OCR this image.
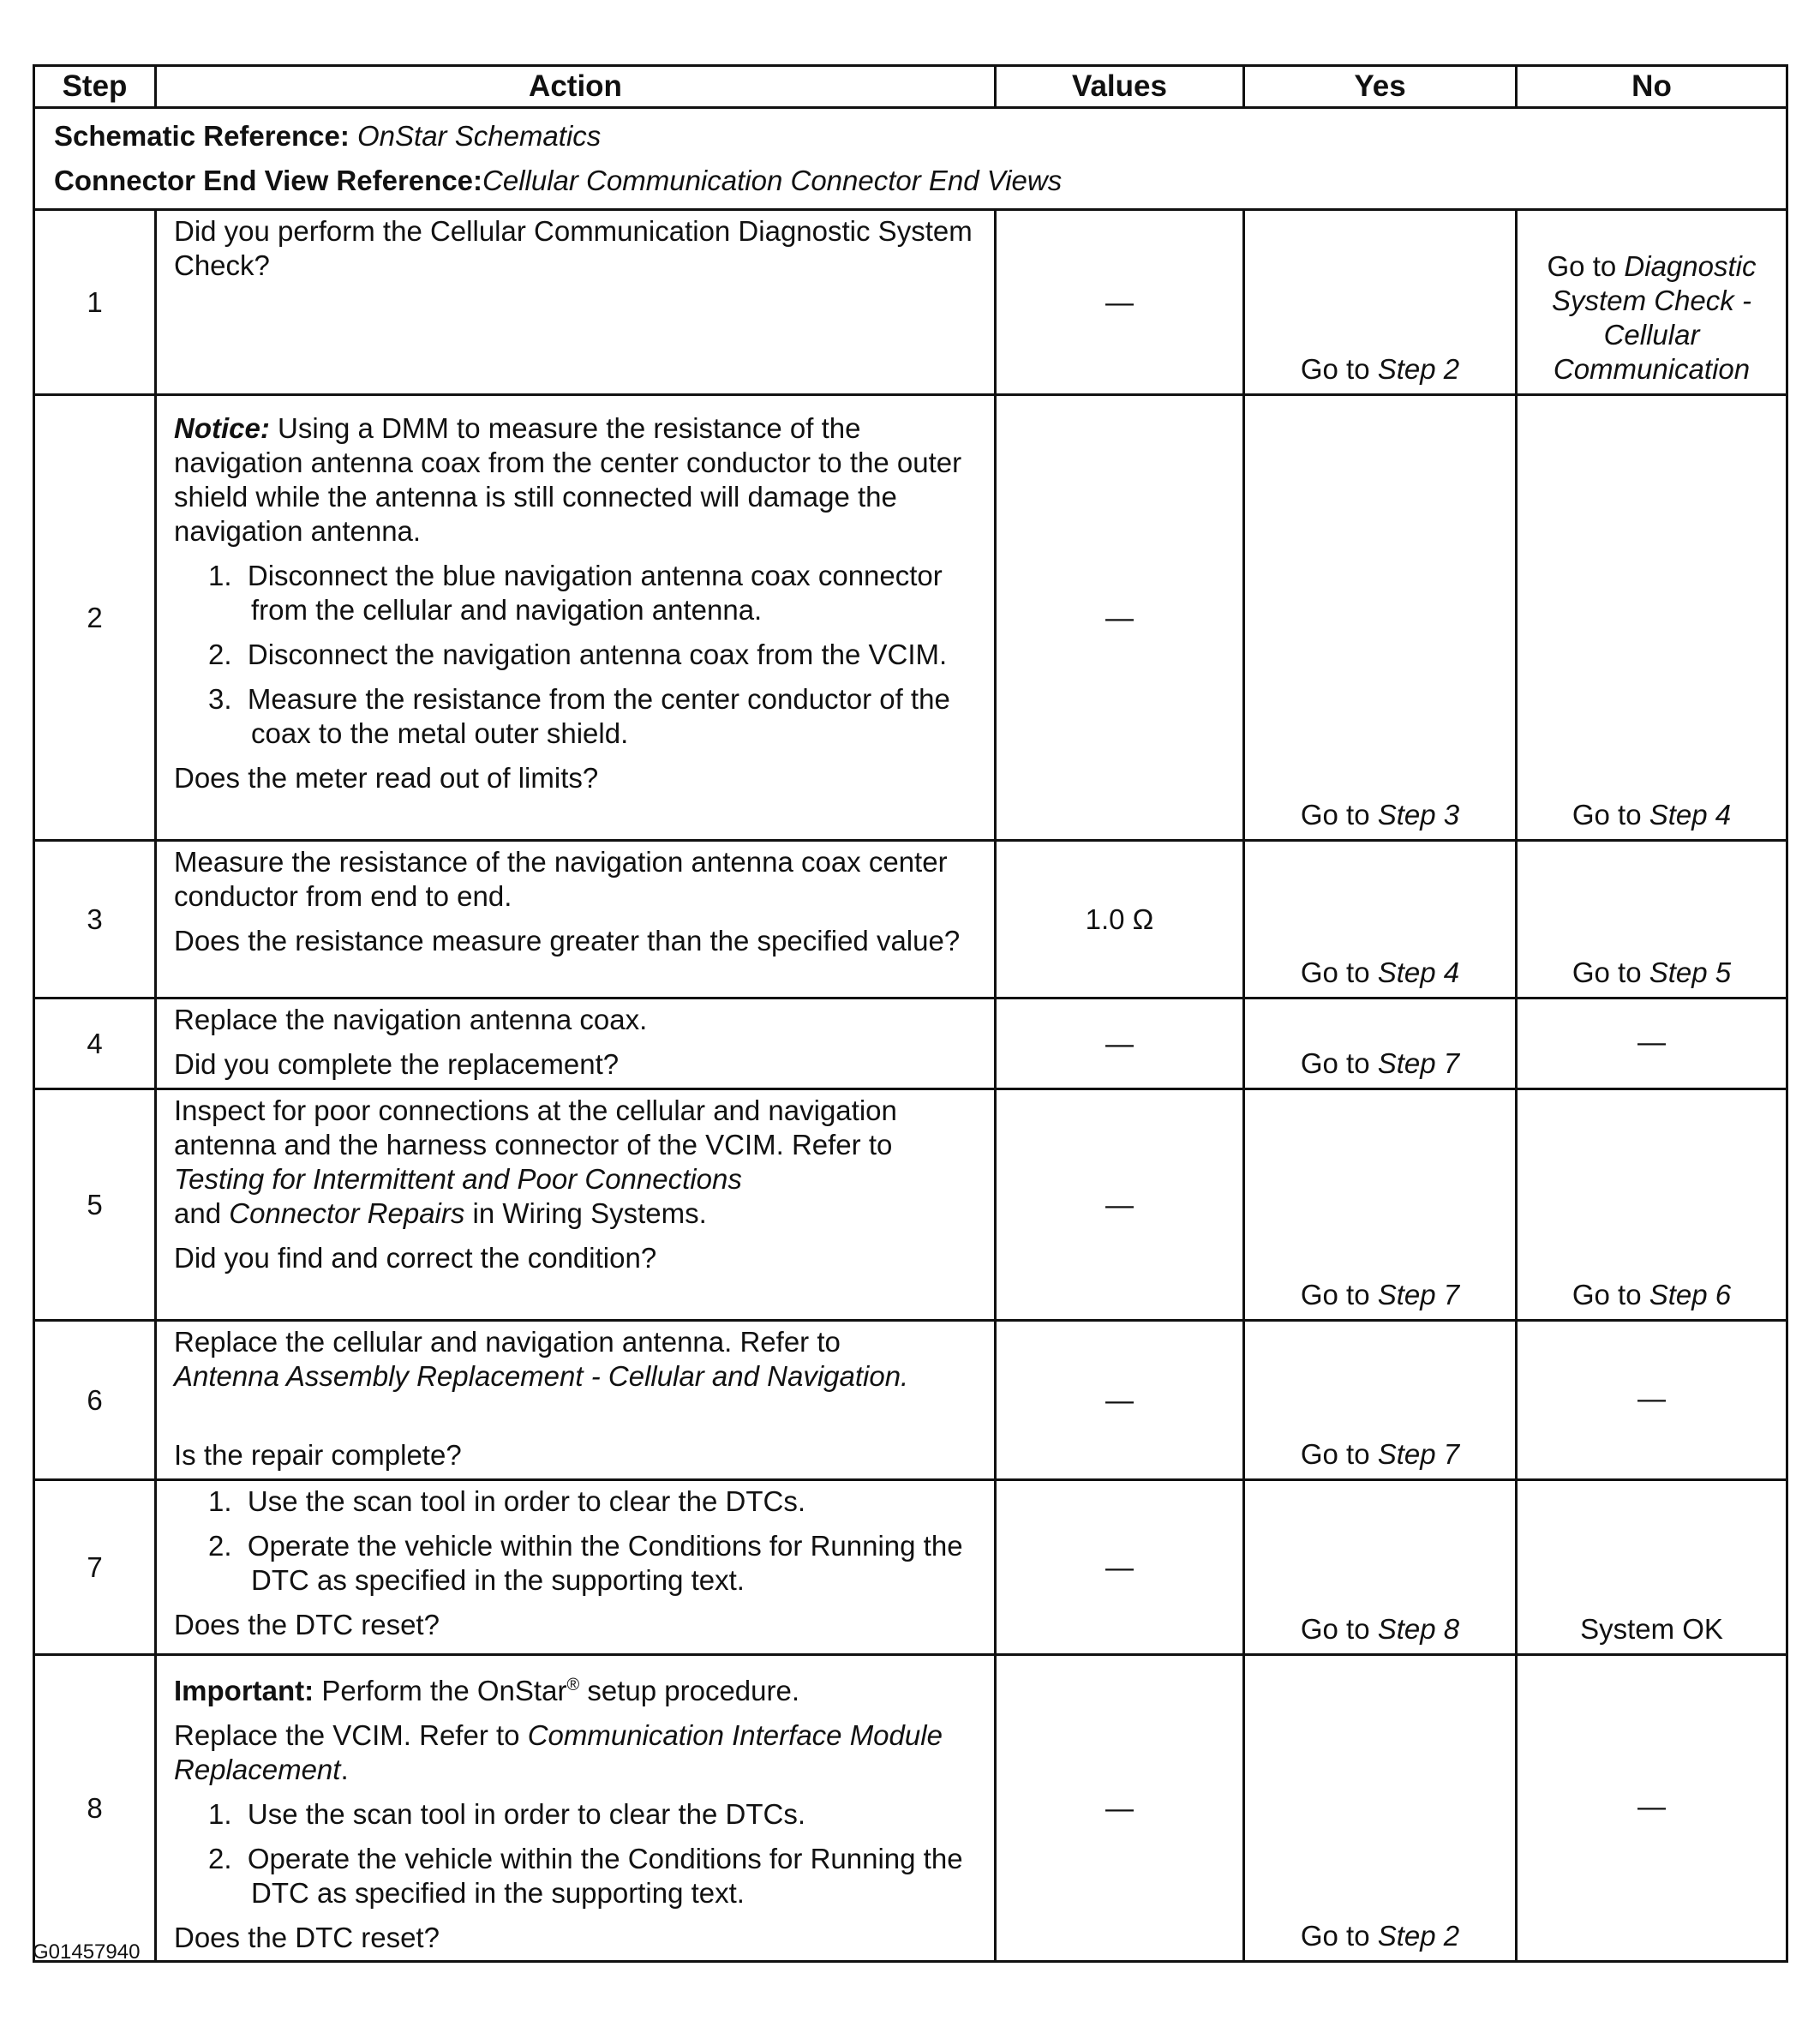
Step	Action	Values	Yes	No

Schematic Reference: OnStar Schematics
Connector End View Reference:Cellular Communication Connector End Views				

1	Did you perform the Cellular Communication Diagnostic System Check?	—	Go to Step 2	Go to Diagnostic System Check - Cellular Communication
2	Notice: Using a DMM to measure the resistance of the navigation antenna coax from the center conductor to the outer shield while the antenna is still connected will damage the navigation antenna.
1. Disconnect the blue navigation antenna coax connector from the cellular and navigation antenna.
2. Disconnect the navigation antenna coax from the VCIM.
3. Measure the resistance from the center conductor of the coax to the metal outer shield.
Does the meter read out of limits?	—	Go to Step 3	Go to Step 4
3	Measure the resistance of the navigation antenna coax center conductor from end to end.
Does the resistance measure greater than the specified value?	1.0 Ω	Go to Step 4	Go to Step 5
4	Replace the navigation antenna coax.
Did you complete the replacement?	—	Go to Step 7	—
5	Inspect for poor connections at the cellular and navigation antenna and the harness connector of the VCIM. Refer to
Testing for Intermittent and Poor Connections
and Connector Repairs in Wiring Systems.
Did you find and correct the condition?	—	Go to Step 7	Go to Step 6
6	Replace the cellular and navigation antenna. Refer to
Antenna Assembly Replacement - Cellular and Navigation.
Is the repair complete?	—	Go to Step 7	—
7	1. Use the scan tool in order to clear the DTCs.
2. Operate the vehicle within the Conditions for Running the DTC as specified in the supporting text.
Does the DTC reset?	—	Go to Step 8	System OK
8	Important: Perform the OnStar® setup procedure.
Replace the VCIM. Refer to Communication Interface Module Replacement.
1. Use the scan tool in order to clear the DTCs.
2. Operate the vehicle within the Conditions for Running the DTC as specified in the supporting text.
Does the DTC reset?	—	Go to Step 2	—
G01457940
